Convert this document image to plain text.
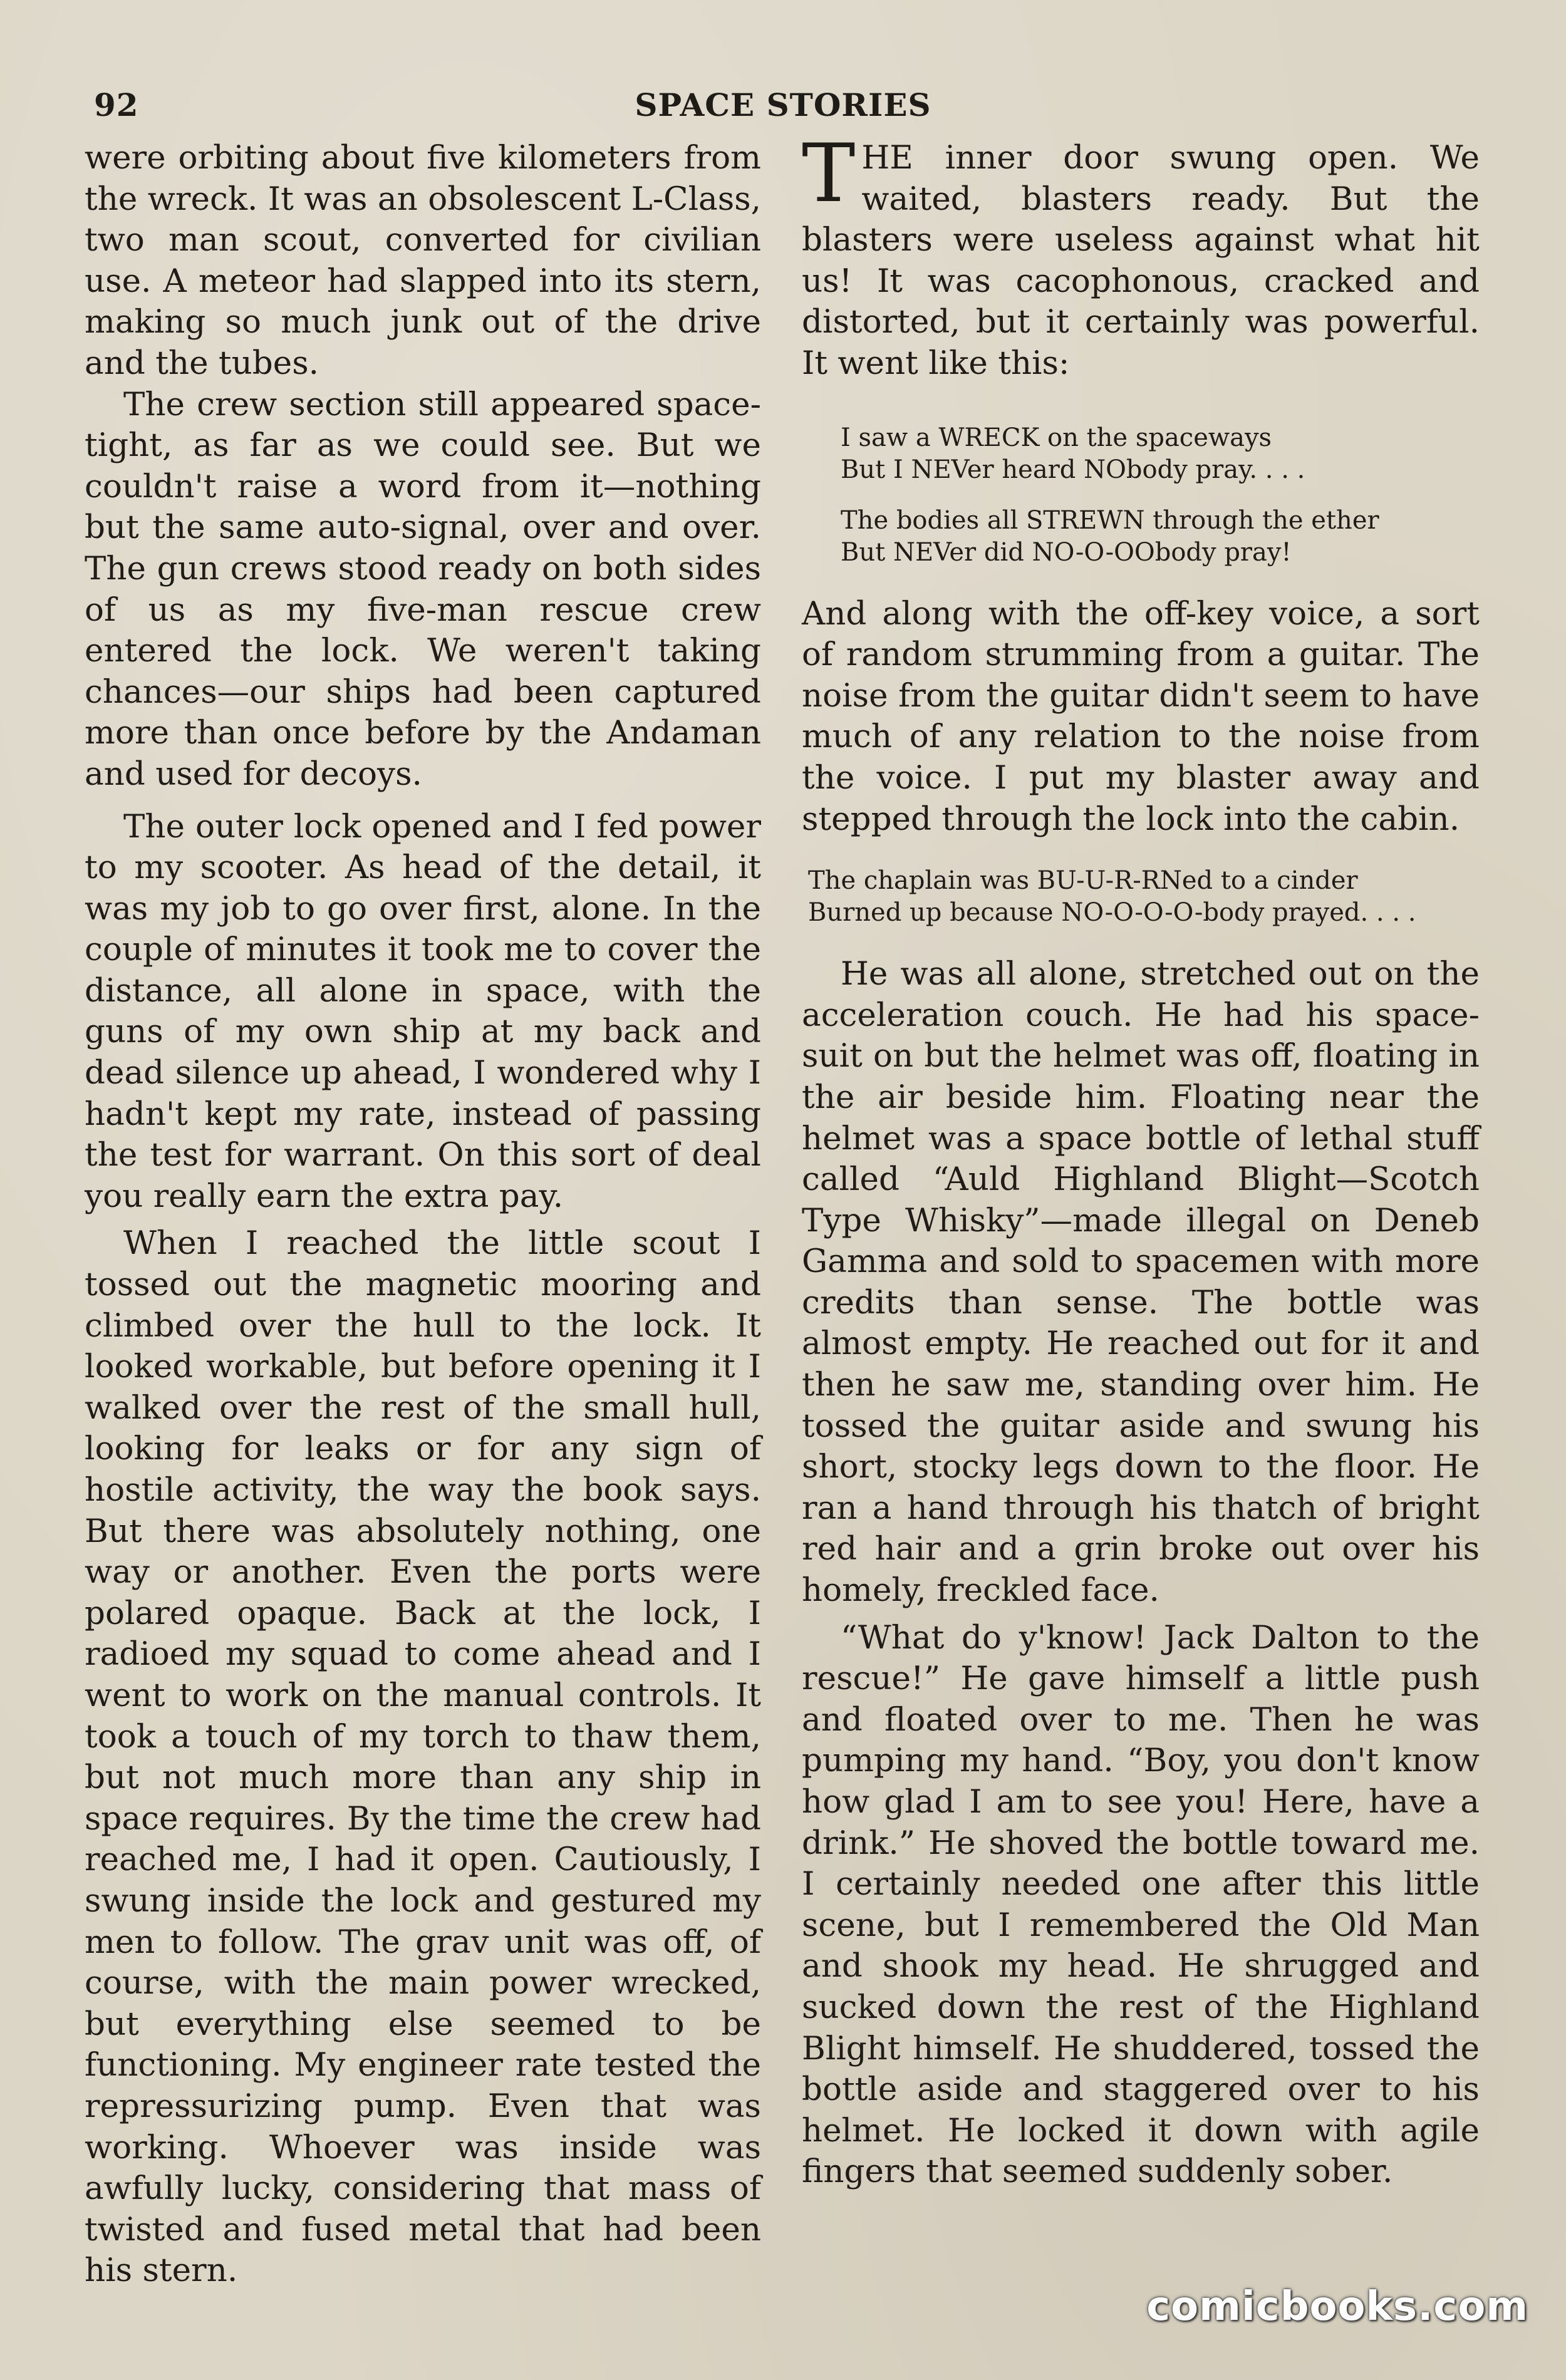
92	SPACE STORIES

were orbiting about five kilometers from the wreck. It was an obsolescent L-Class, two man scout, converted for civilian use. A meteor had slapped into its stern, making so much junk out of the drive and the tubes.

The crew section still appeared space-tight, as far as we could see. But we couldn't raise a word from it—nothing but the same auto-signal, over and over. The gun crews stood ready on both sides of us as my five-man rescue crew entered the lock. We weren't taking chances—our ships had been captured more than once before by the Andaman and used for decoys.

The outer lock opened and I fed power to my scooter. As head of the detail, it was my job to go over first, alone. In the couple of minutes it took me to cover the distance, all alone in space, with the guns of my own ship at my back and dead silence up ahead, I wondered why I hadn't kept my rate, instead of passing the test for warrant. On this sort of deal you really earn the extra pay.

When I reached the little scout I tossed out the magnetic mooring and climbed over the hull to the lock. It looked workable, but before opening it I walked over the rest of the small hull, looking for leaks or for any sign of hostile activity, the way the book says. But there was absolutely nothing, one way or another. Even the ports were polared opaque. Back at the lock, I radioed my squad to come ahead and I went to work on the manual controls. It took a touch of my torch to thaw them, but not much more than any ship in space requires. By the time the crew had reached me, I had it open. Cautiously, I swung inside the lock and gestured my men to follow. The grav unit was off, of course, with the main power wrecked, but everything else seemed to be functioning. My engineer rate tested the repressurizing pump. Even that was working. Whoever was inside was awfully lucky, considering that mass of twisted and fused metal that had been his stern.

THE inner door swung open. We waited, blasters ready. But the blasters were useless against what hit us! It was cacophonous, cracked and distorted, but it certainly was powerful. It went like this:

I saw a WRECK on the spaceways
But I NEVer heard NObody pray. . . .
The bodies all STREWN through the ether
But NEVer did NO-O-OObody pray!

And along with the off-key voice, a sort of random strumming from a guitar. The noise from the guitar didn't seem to have much of any relation to the noise from the voice. I put my blaster away and stepped through the lock into the cabin.

The chaplain was BU-U-R-RNed to a cinder
Burned up because NO-O-O-O-body prayed. . . .

He was all alone, stretched out on the acceleration couch. He had his space-suit on but the helmet was off, floating in the air beside him. Floating near the helmet was a space bottle of lethal stuff called “Auld Highland Blight—Scotch Type Whisky”—made illegal on Deneb Gamma and sold to spacemen with more credits than sense. The bottle was almost empty. He reached out for it and then he saw me, standing over him. He tossed the guitar aside and swung his short, stocky legs down to the floor. He ran a hand through his thatch of bright red hair and a grin broke out over his homely, freckled face.

“What do y'know! Jack Dalton to the rescue!” He gave himself a little push and floated over to me. Then he was pumping my hand. “Boy, you don't know how glad I am to see you! Here, have a drink.” He shoved the bottle toward me. I certainly needed one after this little scene, but I remembered the Old Man and shook my head. He shrugged and sucked down the rest of the Highland Blight himself. He shuddered, tossed the bottle aside and staggered over to his helmet. He locked it down with agile fingers that seemed suddenly sober.

comicbooks.com
